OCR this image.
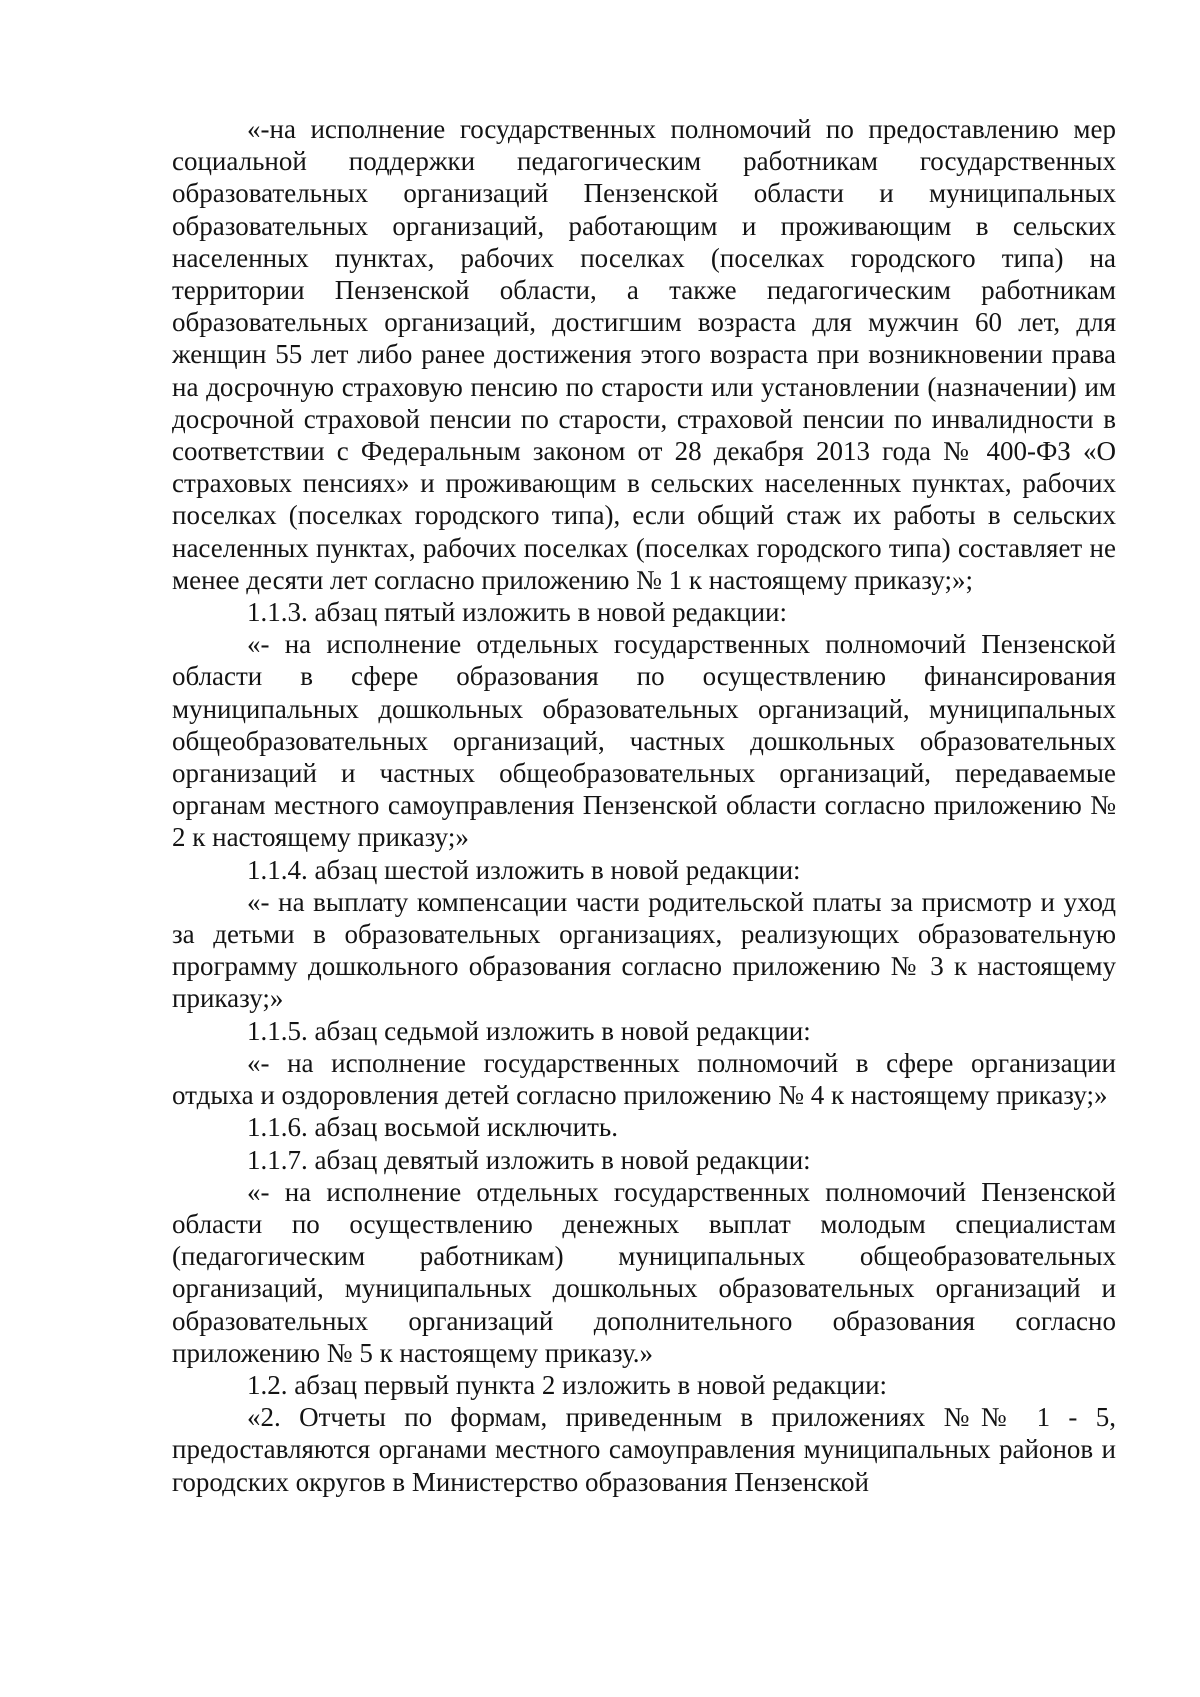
«-на исполнение государственных полномочий по предоставлению мер социальной поддержки педагогическим работникам государственных образовательных организаций Пензенской области и муниципальных образовательных организаций, работающим и проживающим в сельских населенных пунктах, рабочих поселках (поселках городского типа) на территории Пензенской области, а также педагогическим работникам образовательных организаций, достигшим возраста для мужчин 60 лет, для женщин 55 лет либо ранее достижения этого возраста при возникновении права на досрочную страховую пенсию по старости или установлении (назначении) им досрочной страховой пенсии по старости, страховой пенсии по инвалидности в соответствии с Федеральным законом от 28 декабря 2013 года № 400-ФЗ «О страховых пенсиях» и проживающим в сельских населенных пунктах, рабочих поселках (поселках городского типа), если общий стаж их работы в сельских населенных пунктах, рабочих поселках (поселках городского типа) составляет не менее десяти лет согласно приложению № 1 к настоящему приказу;»;

1.1.3. абзац пятый изложить в новой редакции:

«- на исполнение отдельных государственных полномочий Пензенской области в сфере образования по осуществлению финансирования муниципальных дошкольных образовательных организаций, муниципальных общеобразовательных организаций, частных дошкольных образовательных организаций и частных общеобразовательных организаций, передаваемые органам местного самоуправления Пензенской области согласно приложению № 2 к настоящему приказу;»

1.1.4. абзац шестой изложить в новой редакции:

«- на выплату компенсации части родительской платы за присмотр и уход за детьми в образовательных организациях, реализующих образовательную программу дошкольного образования согласно приложению № 3 к настоящему приказу;»

1.1.5. абзац седьмой изложить в новой редакции:

«- на исполнение государственных полномочий в сфере организации отдыха и оздоровления детей согласно приложению № 4 к настоящему приказу;»

1.1.6. абзац восьмой исключить.

1.1.7. абзац девятый изложить в новой редакции:

«- на исполнение отдельных государственных полномочий Пензенской области по осуществлению денежных выплат молодым специалистам (педагогическим работникам) муниципальных общеобразовательных организаций, муниципальных дошкольных образовательных организаций и образовательных организаций дополнительного образования согласно приложению № 5 к настоящему приказу.»

1.2. абзац первый пункта 2 изложить в новой редакции:

«2. Отчеты по формам, приведенным в приложениях №№ 1 - 5, предоставляются органами местного самоуправления муниципальных районов и городских округов в Министерство образования Пензенской
